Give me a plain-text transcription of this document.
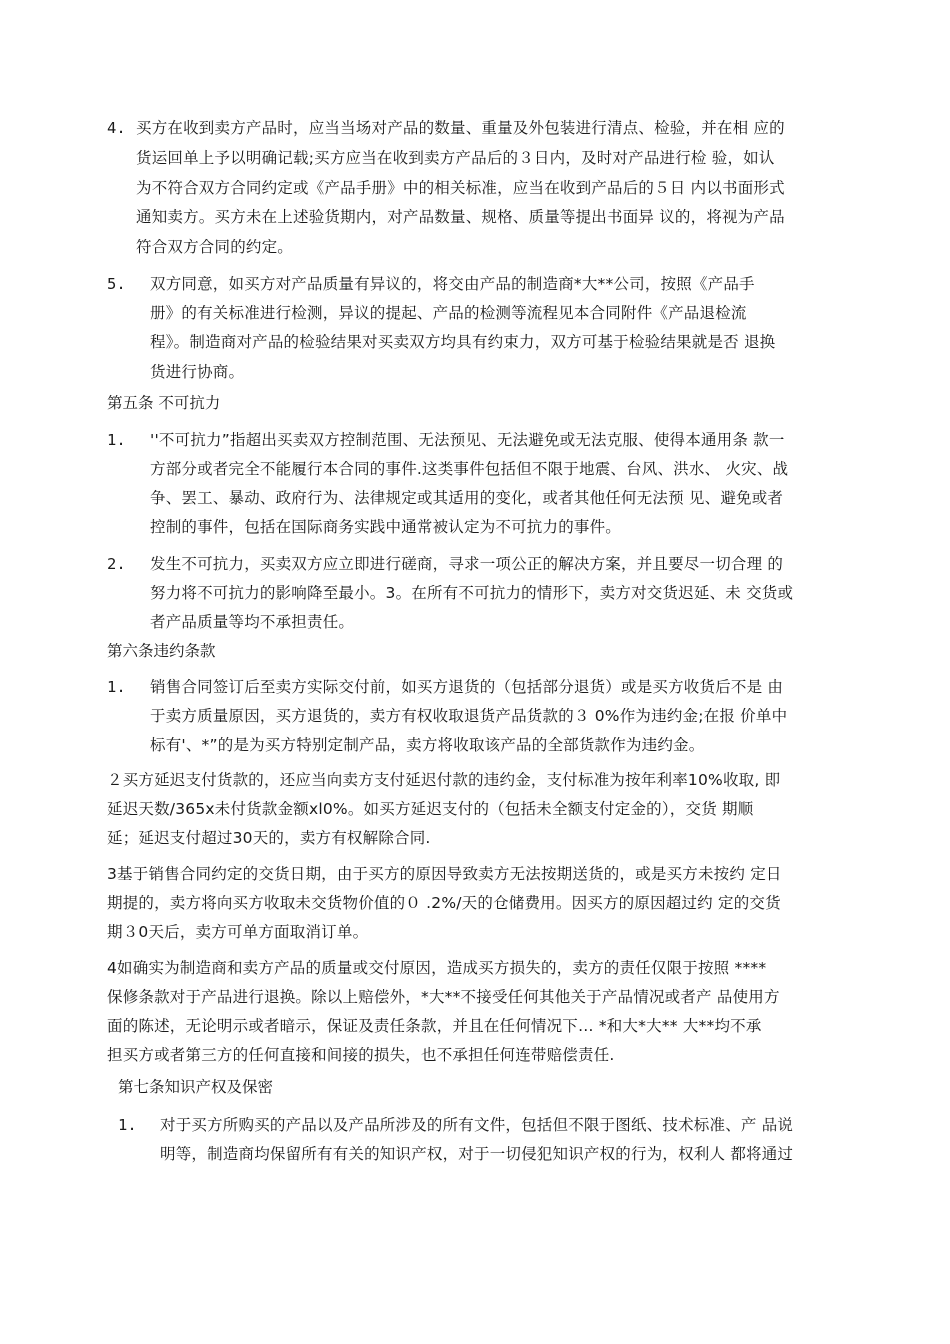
4. 买方在收到卖方产品时，应当当场对产品的数量、重量及外包装进行清点、检验，并在相 应的
货运回单上予以明确记载;买方应当在收到卖方产品后的３日内，及时对产品进行检 验，如认
为不符合双方合同约定或《产品手册》中的相关标准，应当在收到产品后的５日 内以书面形式
通知卖方。买方未在上述验货期内，对产品数量、规格、质量等提出书面异 议的，将视为产品
符合双方合同的约定。
5. 双方同意，如买方对产品质量有异议的，将交由产品的制造商*大**公司，按照《产品手
册》的有关标准进行检测，异议的提起、产品的检测等流程见本合同附件《产品退检流
程》。制造商对产品的检验结果对买卖双方均具有约束力，双方可基于检验结果就是否 退换
货进行协商。
第五条 不可抗力
1. ''不可抗力”指超出买卖双方控制范围、无法预见、无法避免或无法克服、使得本通用条 款一
方部分或者完全不能履行本合同的事件.这类事件包括但不限于地震、台风、洪水、 火灾、战
争、罢工、暴动、政府行为、法律规定或其适用的变化，或者其他任何无法预 见、避免或者
控制的事件，包括在国际商务实践中通常被认定为不可抗力的事件。
2. 发生不可抗力，买卖双方应立即进行磋商，寻求一项公正的解决方案，并且要尽一切合理 的
努力将不可抗力的影响降至最小。3。在所有不可抗力的情形下，卖方对交货迟延、未 交货或
者产品质量等均不承担责任。
第六条违约条款
1. 销售合同签订后至卖方实际交付前，如买方退货的（包括部分退货）或是买方收货后不是 由
于卖方质量原因，买方退货的，卖方有权收取退货产品货款的３ 0%作为违约金;在报 价单中
标有'、*”的是为买方特别定制产品，卖方将收取该产品的全部货款作为违约金。
２买方延迟支付货款的，还应当向卖方支付延迟付款的违约金，支付标准为按年利率10%收取, 即
延迟天数/365x未付货款金额xl0%。如买方延迟支付的（包括未全额支付定金的），交货 期顺
延；延迟支付超过30天的，卖方有权解除合同.
3基于销售合同约定的交货日期，由于买方的原因导致卖方无法按期送货的，或是买方未按约 定日
期提的，卖方将向买方收取未交货物价值的０ .2%/天的仓储费用。因买方的原因超过约 定的交货
期３0天后，卖方可单方面取消订单。
4如确实为制造商和卖方产品的质量或交付原因，造成买方损失的，卖方的责任仅限于按照 ****
保修条款对于产品进行退换。除以上赔偿外，*大**不接受任何其他关于产品情况或者产 品使用方
面的陈述，无论明示或者暗示，保证及责任条款，并且在任何情况下… *和大*大** 大**均不承
担买方或者第三方的任何直接和间接的损失，也不承担任何连带赔偿责任.
第七条知识产权及保密
1. 对于买方所购买的产品以及产品所涉及的所有文件，包括但不限于图纸、技术标准、产 品说
明等，制造商均保留所有有关的知识产权，对于一切侵犯知识产权的行为，权利人 都将通过
